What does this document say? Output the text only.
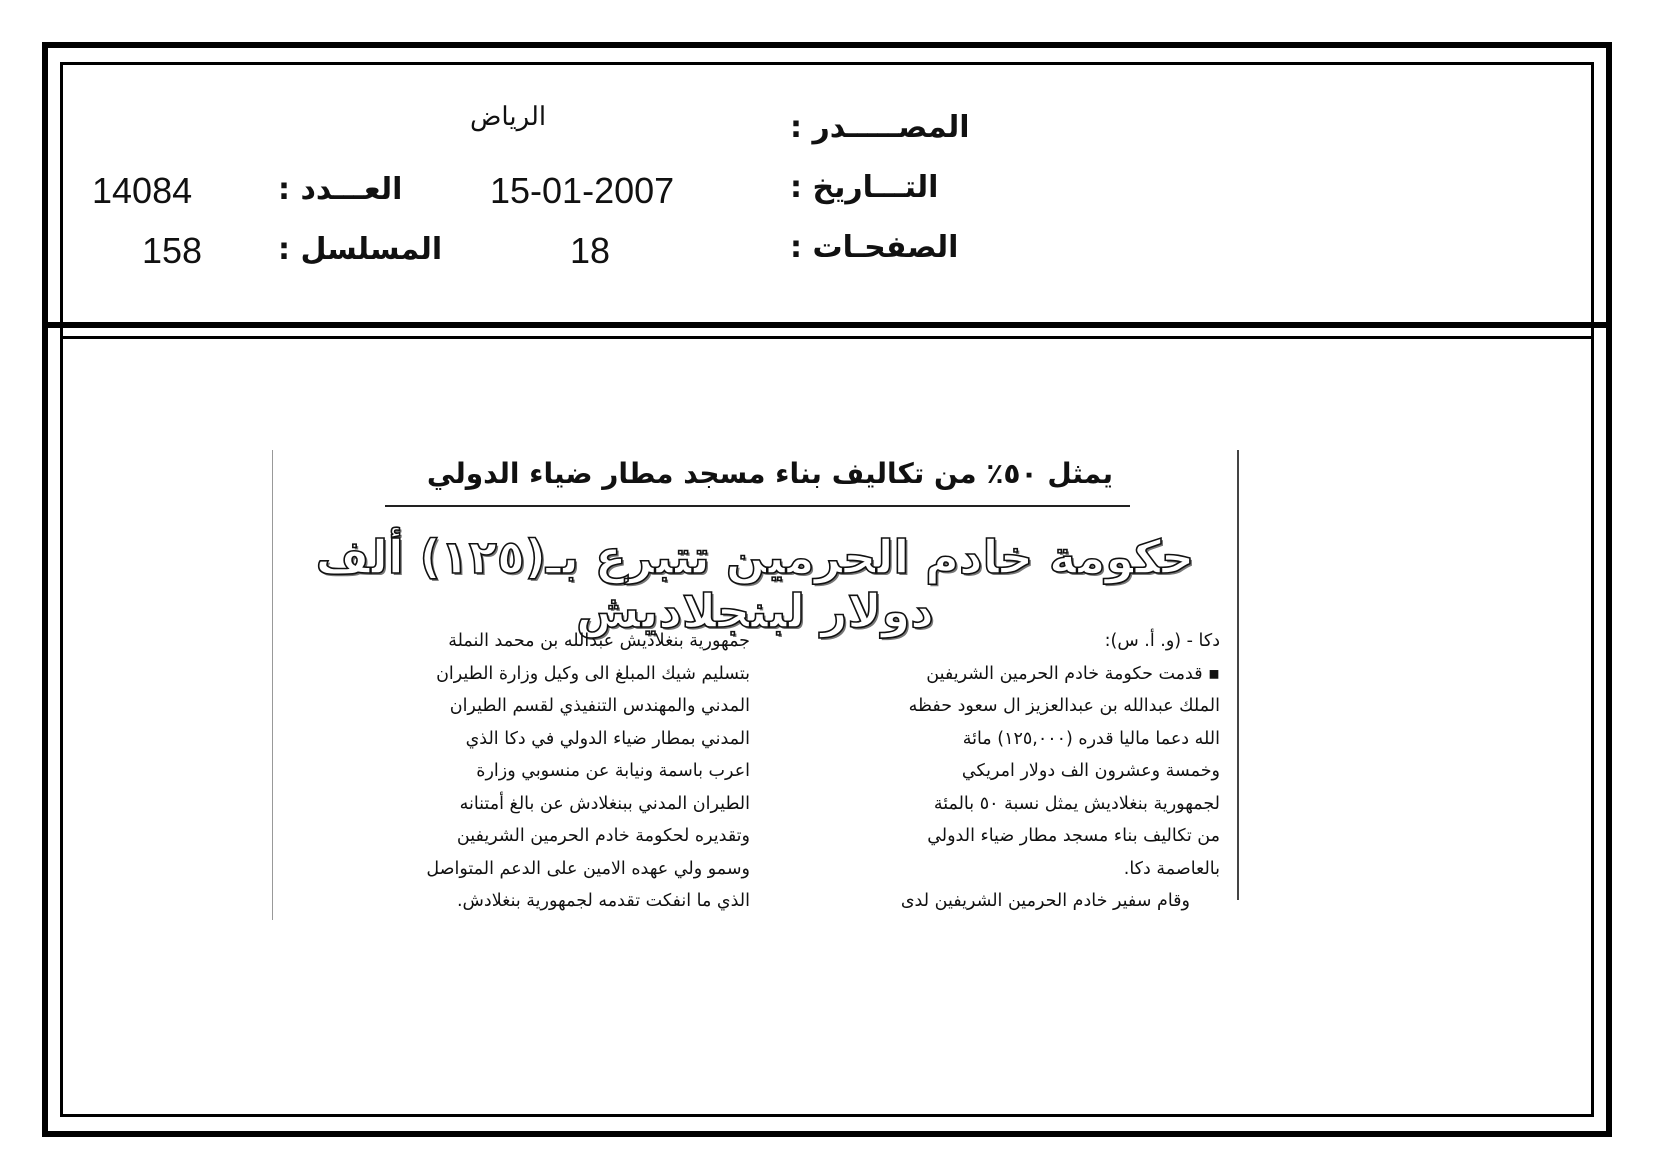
المصـــــدر :
الرياض
التـــاريخ :
15-01-2007
العـــدد :
14084
الصفحـات :
18
المسلسل :
158
يمثل ٥٠٪ من تكاليف بناء مسجد مطار ضياء الدولي
حكومة خادم الحرمين تتبرع بـ(١٢٥) ألف دولار لبنجلاديش

دكا - (و. أ. س):

▪ قدمت حكومة خادم الحرمين الشريفين

الملك عبدالله بن عبدالعزيز ال سعود حفظه

الله دعما ماليا قدره (١٢٥,٠٠٠) مائة

وخمسة وعشرون الف دولار امريكي

لجمهورية بنغلاديش يمثل نسبة ٥٠ بالمئة

من تكاليف بناء مسجد مطار ضياء الدولي

بالعاصمة دكا.

وقام سفير خادم الحرمين الشريفين لدى

جمهورية بنغلاديش عبدالله بن محمد النملة

بتسليم شيك المبلغ الى وكيل وزارة الطيران

المدني والمهندس التنفيذي لقسم الطيران

المدني بمطار ضياء الدولي في دكا الذي

اعرب باسمة ونيابة عن منسوبي وزارة

الطيران المدني ببنغلادش عن بالغ أمتنانه

وتقديره لحكومة خادم الحرمين الشريفين

وسمو ولي عهده الامين على الدعم المتواصل

الذي ما انفكت تقدمه لجمهورية بنغلادش.
